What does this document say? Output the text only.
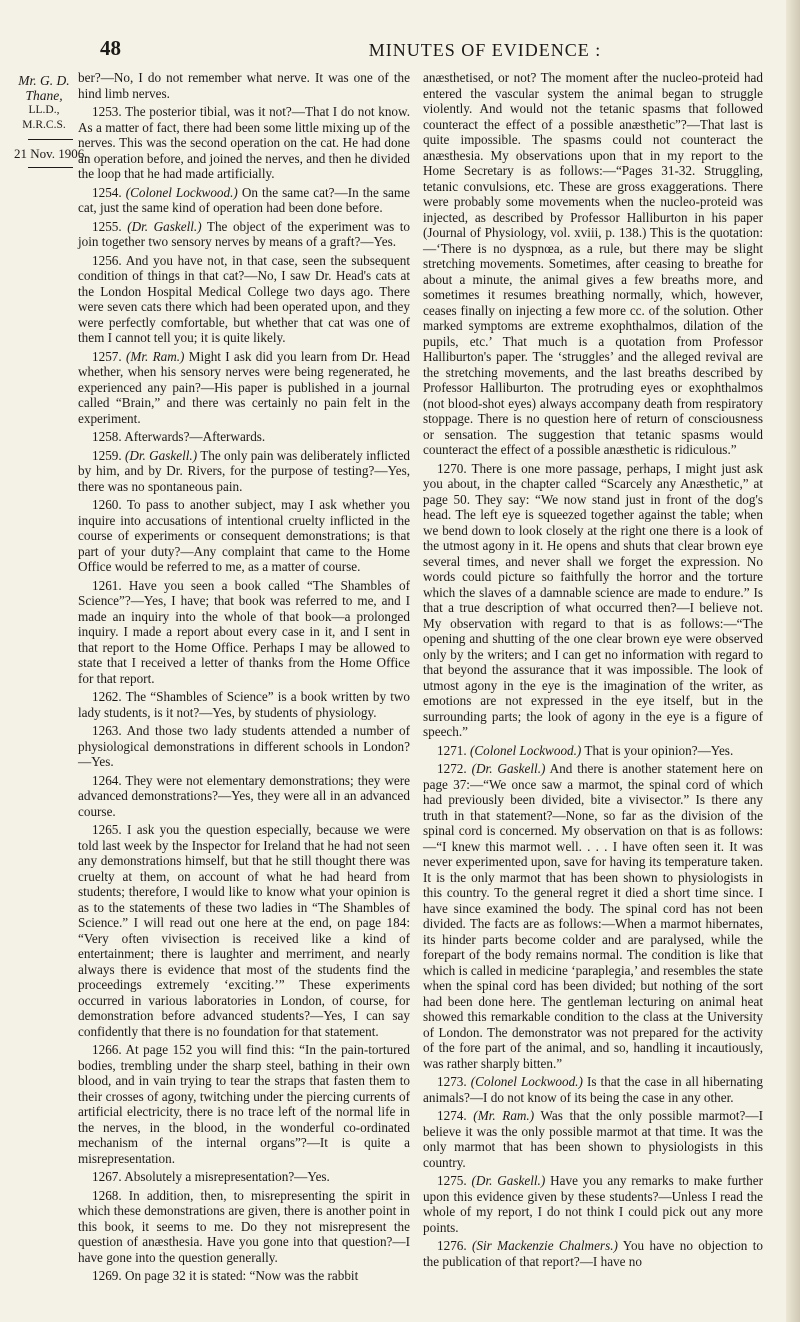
48	MINUTES OF EVIDENCE :
Mr. G. D.
Thane,
LL.D.,
M.R.C.S.
21 Nov. 1906.

ber?—No, I do not remember what nerve. It was one of the hind limb nerves.

1253. The posterior tibial, was it not?—That I do not know. As a matter of fact, there had been some little mixing up of the nerves. This was the second operation on the cat. He had done an operation before, and joined the nerves, and then he divided the loop that he had made artificially.

1254. (Colonel Lockwood.) On the same cat?—In the same cat, just the same kind of operation had been done before.

1255. (Dr. Gaskell.) The object of the experiment was to join together two sensory nerves by means of a graft?—Yes.

1256. And you have not, in that case, seen the subsequent condition of things in that cat?—No, I saw Dr. Head's cats at the London Hospital Medical College two days ago. There were seven cats there which had been operated upon, and they were perfectly comfortable, but whether that cat was one of them I cannot tell you; it is quite likely.

1257. (Mr. Ram.) Might I ask did you learn from Dr. Head whether, when his sensory nerves were being regenerated, he experienced any pain?—His paper is published in a journal called “Brain,” and there was certainly no pain felt in the experiment.

1258. Afterwards?—Afterwards.

1259. (Dr. Gaskell.) The only pain was deliberately inflicted by him, and by Dr. Rivers, for the purpose of testing?—Yes, there was no spontaneous pain.

1260. To pass to another subject, may I ask whether you inquire into accusations of intentional cruelty inflicted in the course of experiments or consequent demonstrations; is that part of your duty?—Any complaint that came to the Home Office would be referred to me, as a matter of course.

1261. Have you seen a book called “The Shambles of Science”?—Yes, I have; that book was referred to me, and I made an inquiry into the whole of that book—a prolonged inquiry. I made a report about every case in it, and I sent in that report to the Home Office. Perhaps I may be allowed to state that I received a letter of thanks from the Home Office for that report.

1262. The “Shambles of Science” is a book written by two lady students, is it not?—Yes, by students of physiology.

1263. And those two lady students attended a number of physiological demonstrations in different schools in London?—Yes.

1264. They were not elementary demonstrations; they were advanced demonstrations?—Yes, they were all in an advanced course.

1265. I ask you the question especially, because we were told last week by the Inspector for Ireland that he had not seen any demonstrations himself, but that he still thought there was cruelty at them, on account of what he had heard from students; therefore, I would like to know what your opinion is as to the statements of these two ladies in “The Shambles of Science.” I will read out one here at the end, on page 184: “Very often vivisection is received like a kind of entertainment; there is laughter and merriment, and nearly always there is evidence that most of the students find the proceedings extremely ‘exciting.’” These experiments occurred in various laboratories in London, of course, for demonstration before advanced students?—Yes, I can say confidently that there is no foundation for that statement.

1266. At page 152 you will find this: “In the pain-tortured bodies, trembling under the sharp steel, bathing in their own blood, and in vain trying to tear the straps that fasten them to their crosses of agony, twitching under the piercing currents of artificial electricity, there is no trace left of the normal life in the nerves, in the blood, in the wonderful co-ordinated mechanism of the internal organs”?—It is quite a misrepresentation.

1267. Absolutely a misrepresentation?—Yes.

1268. In addition, then, to misrepresenting the spirit in which these demonstrations are given, there is another point in this book, it seems to me. Do they not misrepresent the question of anæsthesia. Have you gone into that question?—I have gone into the question generally.

1269. On page 32 it is stated: “Now was the rabbit

anæsthetised, or not? The moment after the nucleo-proteid had entered the vascular system the animal began to struggle violently. And would not the tetanic spasms that followed counteract the effect of a possible anæsthetic”?—That last is quite impossible. The spasms could not counteract the anæsthesia. My observations upon that in my report to the Home Secretary is as follows:—“Pages 31-32. Struggling, tetanic convulsions, etc. These are gross exaggerations. There were probably some movements when the nucleo-proteid was injected, as described by Professor Halliburton in his paper (Journal of Physiology, vol. xviii, p. 138.) This is the quotation:—‘There is no dyspnœa, as a rule, but there may be slight stretching movements. Sometimes, after ceasing to breathe for about a minute, the animal gives a few breaths more, and sometimes it resumes breathing normally, which, however, ceases finally on injecting a few more cc. of the solution. Other marked symptoms are extreme exophthalmos, dilation of the pupils, etc.’ That much is a quotation from Professor Halliburton's paper. The ‘struggles’ and the alleged revival are the stretching movements, and the last breaths described by Professor Halliburton. The protruding eyes or exophthalmos (not blood-shot eyes) always accompany death from respiratory stoppage. There is no question here of return of consciousness or sensation. The suggestion that tetanic spasms would counteract the effect of a possible anæsthetic is ridiculous.”

1270. There is one more passage, perhaps, I might just ask you about, in the chapter called “Scarcely any Anæsthetic,” at page 50. They say: “We now stand just in front of the dog's head. The left eye is squeezed together against the table; when we bend down to look closely at the right one there is a look of the utmost agony in it. He opens and shuts that clear brown eye several times, and never shall we forget the expression. No words could picture so faithfully the horror and the torture which the slaves of a damnable science are made to endure.” Is that a true description of what occurred then?—I believe not. My observation with regard to that is as follows:—“The opening and shutting of the one clear brown eye were observed only by the writers; and I can get no information with regard to that beyond the assurance that it was impossible. The look of utmost agony in the eye is the imagination of the writer, as emotions are not expressed in the eye itself, but in the surrounding parts; the look of agony in the eye is a figure of speech.”

1271. (Colonel Lockwood.) That is your opinion?—Yes.

1272. (Dr. Gaskell.) And there is another statement here on page 37:—“We once saw a marmot, the spinal cord of which had previously been divided, bite a vivisector.” Is there any truth in that statement?—None, so far as the division of the spinal cord is concerned. My observation on that is as follows:—“I knew this marmot well. . . . I have often seen it. It was never experimented upon, save for having its temperature taken. It is the only marmot that has been shown to physiologists in this country. To the general regret it died a short time since. I have since examined the body. The spinal cord has not been divided. The facts are as follows:—When a marmot hibernates, its hinder parts become colder and are paralysed, while the forepart of the body remains normal. The condition is like that which is called in medicine ‘paraplegia,’ and resembles the state when the spinal cord has been divided; but nothing of the sort had been done here. The gentleman lecturing on animal heat showed this remarkable condition to the class at the University of London. The demonstrator was not prepared for the activity of the fore part of the animal, and so, handling it incautiously, was rather sharply bitten.”

1273. (Colonel Lockwood.) Is that the case in all hibernating animals?—I do not know of its being the case in any other.

1274. (Mr. Ram.) Was that the only possible marmot?—I believe it was the only possible marmot at that time. It was the only marmot that has been shown to physiologists in this country.

1275. (Dr. Gaskell.) Have you any remarks to make further upon this evidence given by these students?—Unless I read the whole of my report, I do not think I could pick out any more points.

1276. (Sir Mackenzie Chalmers.) You have no objection to the publication of that report?—I have no
